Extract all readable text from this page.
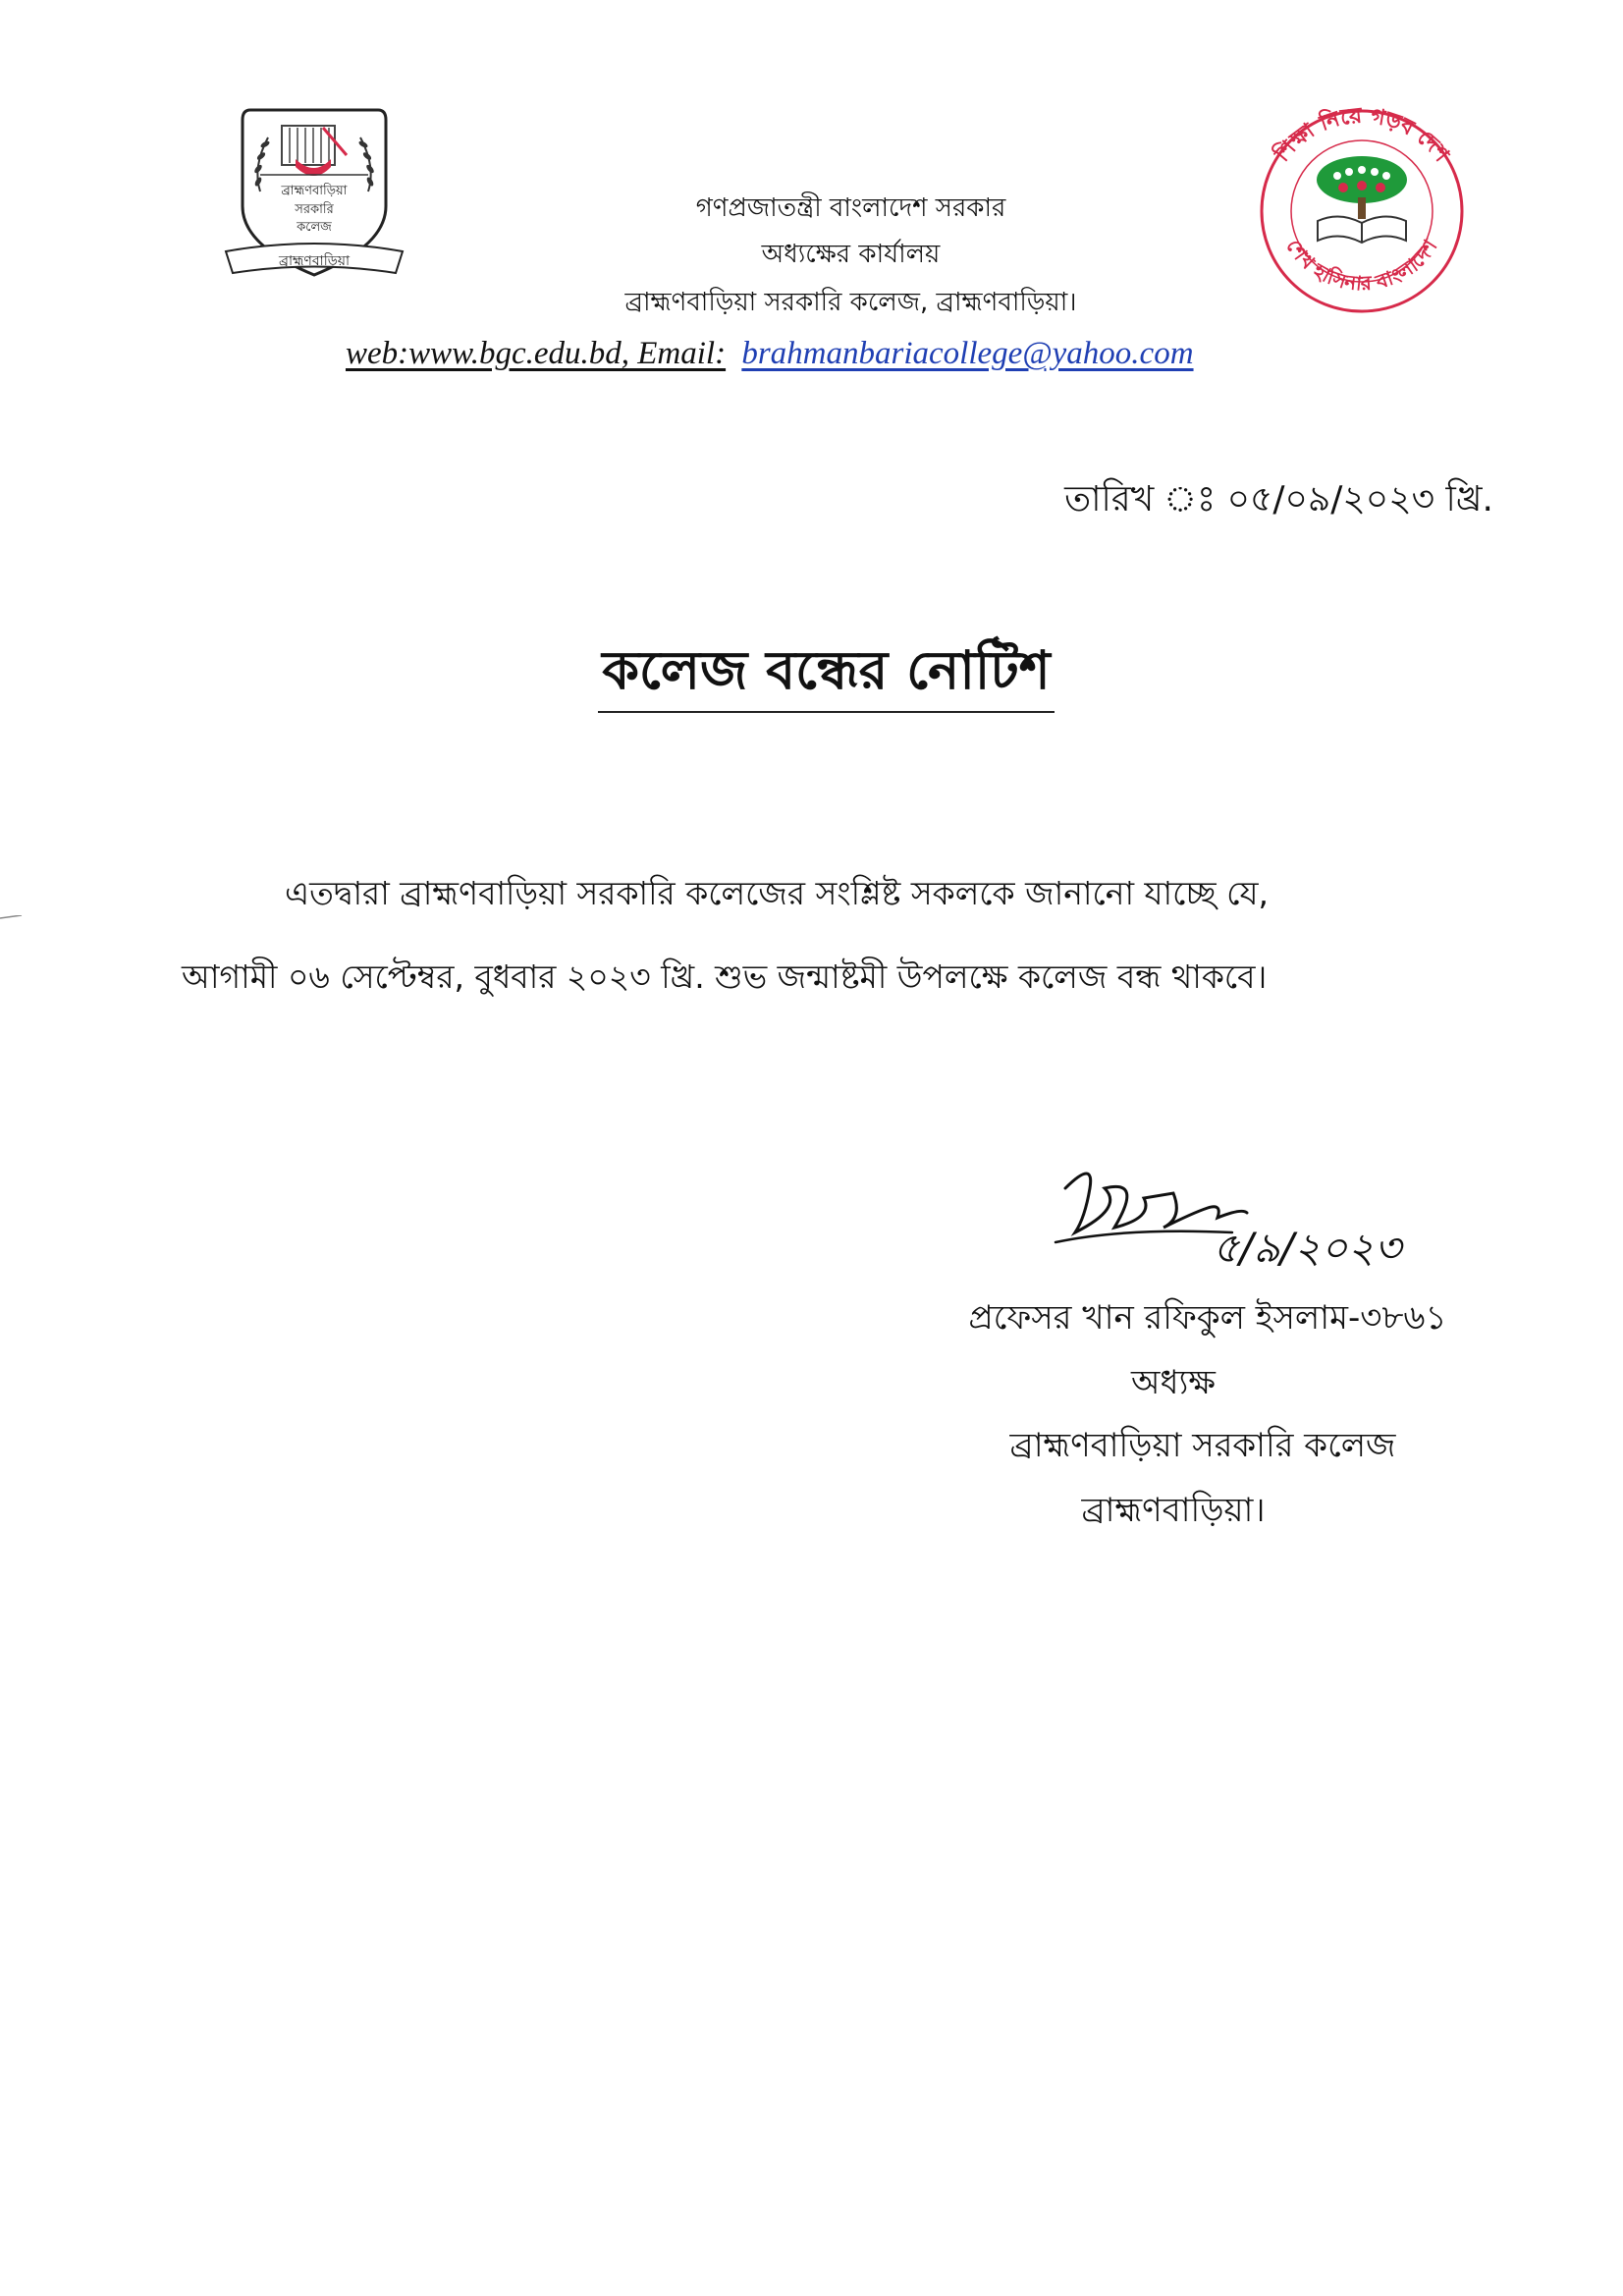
ব্রাহ্মণবাড়িয়া
সরকারি
কলেজ
ব্রাহ্মণবাড়িয়া
শিক্ষা নিয়ে গড়ব দেশ
শেখ হাসিনার বাংলাদেশ
গণপ্রজাতন্ত্রী বাংলাদেশ সরকার
অধ্যক্ষের কার্যালয়
ব্রাহ্মণবাড়িয়া সরকারি কলেজ, ব্রাহ্মণবাড়িয়া।
web:www.bgc.edu.bd, Email: brahmanbariacollege@yahoo.com
তারিখ ঃ ০৫/০৯/২০২৩ খ্রি.
কলেজ বন্ধের নোটিশ
এতদ্বারা ব্রাহ্মণবাড়িয়া সরকারি কলেজের সংশ্লিষ্ট সকলকে জানানো যাচ্ছে যে,
আগামী ০৬ সেপ্টেম্বর, বুধবার ২০২৩ খ্রি. শুভ জন্মাষ্টমী উপলক্ষে কলেজ বন্ধ থাকবে।
৫/৯/২০২৩
প্রফেসর খান রফিকুল ইসলাম-৩৮৬১
অধ্যক্ষ
ব্রাহ্মণবাড়িয়া সরকারি কলেজ
ব্রাহ্মণবাড়িয়া।
